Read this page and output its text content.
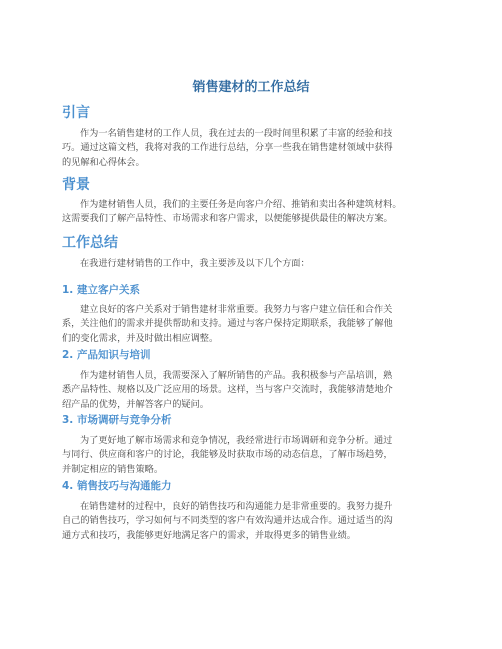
销售建材的工作总结
引言
作为一名销售建材的工作人员，我在过去的一段时间里积累了丰富的经验和技
巧。通过这篇文档，我将对我的工作进行总结，分享一些我在销售建材领域中获得
的见解和心得体会。
背景
作为建材销售人员，我们的主要任务是向客户介绍、推销和卖出各种建筑材料。
这需要我们了解产品特性、市场需求和客户需求，以便能够提供最佳的解决方案。
工作总结
在我进行建材销售的工作中，我主要涉及以下几个方面：
1. 建立客户关系
建立良好的客户关系对于销售建材非常重要。我努力与客户建立信任和合作关
系，关注他们的需求并提供帮助和支持。通过与客户保持定期联系，我能够了解他
们的变化需求，并及时做出相应调整。
2. 产品知识与培训
作为建材销售人员，我需要深入了解所销售的产品。我积极参与产品培训，熟
悉产品特性、规格以及广泛应用的场景。这样，当与客户交流时，我能够清楚地介
绍产品的优势，并解答客户的疑问。
3. 市场调研与竞争分析
为了更好地了解市场需求和竞争情况，我经常进行市场调研和竞争分析。通过
与同行、供应商和客户的讨论，我能够及时获取市场的动态信息，了解市场趋势，
并制定相应的销售策略。
4. 销售技巧与沟通能力
在销售建材的过程中，良好的销售技巧和沟通能力是非常重要的。我努力提升
自己的销售技巧，学习如何与不同类型的客户有效沟通并达成合作。通过适当的沟
通方式和技巧，我能够更好地满足客户的需求，并取得更多的销售业绩。
